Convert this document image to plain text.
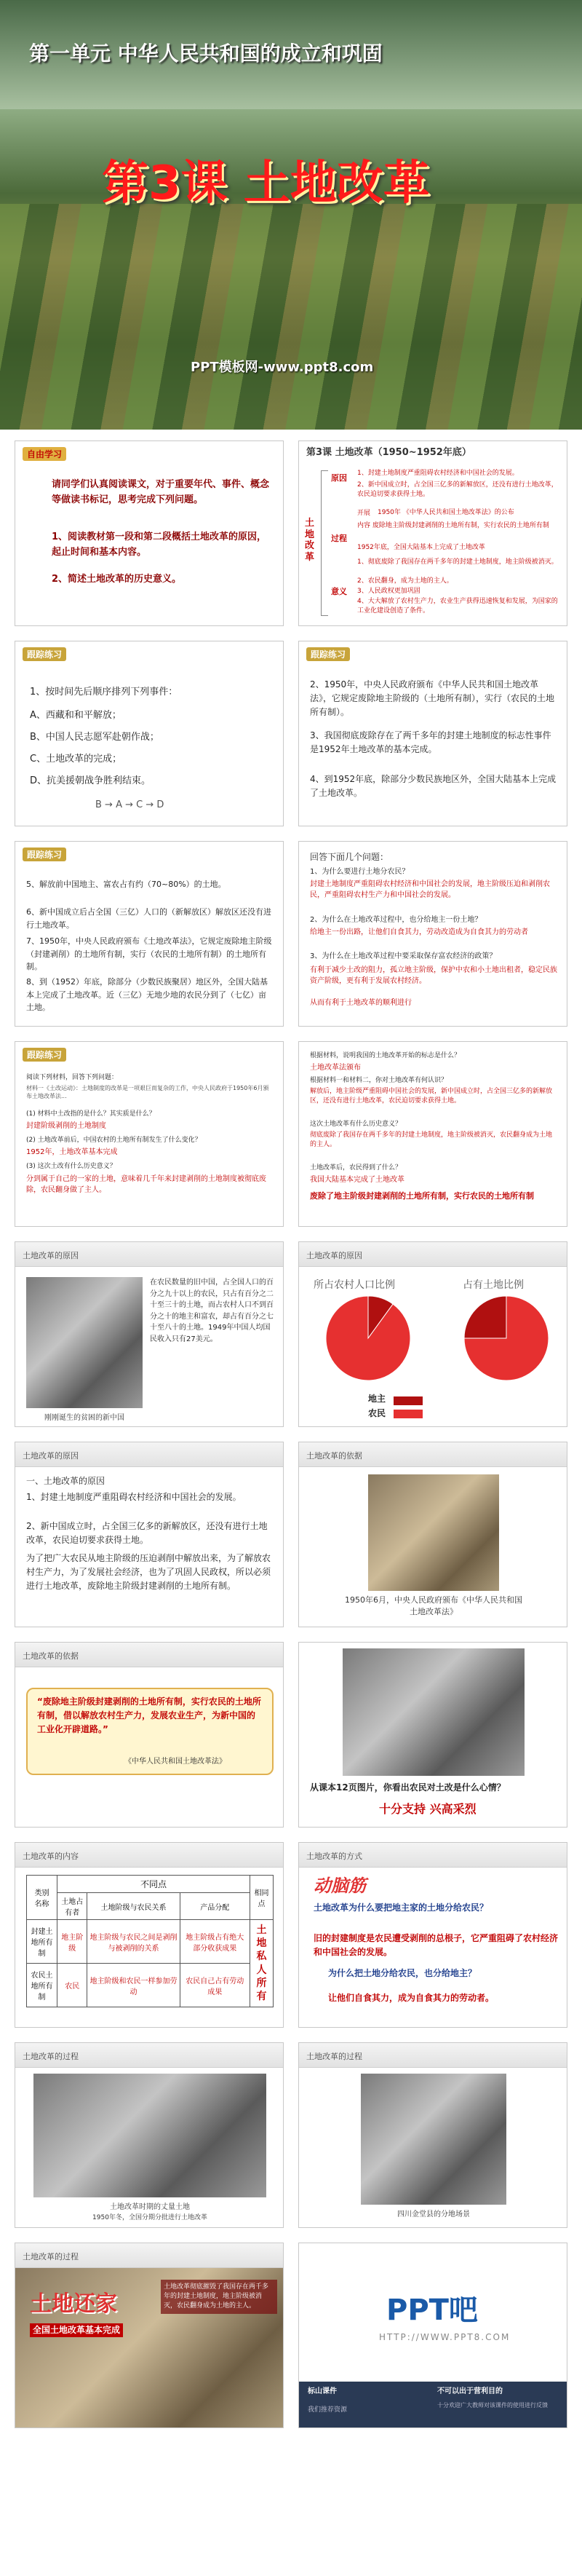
第一单元 中华人民共和国的成立和巩固
第3课 土地改革
PPT模板网-www.ppt8.com
自由学习
请同学们认真阅读课文，对于重要年代、事件、概念等做读书标记，思考完成下列问题。
1、阅读教材第一段和第二段概括土地改革的原因，起止时间和基本内容。
2、简述土地改革的历史意义。
第3课 土地改革（1950~1952年底）
土地改革
原因 1、封建土地制度严重阻碍农村经济和中国社会的发展。
2、新中国成立时，占全国三亿多的新解放区，还没有进行土地改革，农民迫切要求获得土地。
过程
开展 1950年 《中华人民共和国土地改革法》的公布
内容 废除地主阶级封建剥削的土地所有制，实行农民的土地所有制
1952年底，全国大陆基本上完成了土地改革
意义
1、彻底废除了我国存在两千多年的封建土地制度，地主阶级被消灭。
2、农民翻身，成为土地的主人。
3、人民政权更加巩固
4、大大解放了农村生产力，农业生产获得迅速恢复和发展，为国家的工业化建设创造了条件。
跟踪练习
1、按时间先后顺序排列下列事件：
A、西藏和和平解放；
B、中国人民志愿军赴朝作战；
C、土地改革的完成；
D、抗美援朝战争胜利结束。
B → A → C → D
跟踪练习
2、1950年，中央人民政府颁布《中华人民共和国土地改革法》，它规定废除地主阶级的（土地所有制），实行（农民的土地所有制）。
3、我国彻底废除存在了两千多年的封建土地制度的标志性事件是1952年土地改革的基本完成。
4、到1952年底，除部分少数民族地区外，全国大陆基本上完成了土地改革。
跟踪练习
5、解放前中国地主、富农占有约（70~80%）的土地。
6、新中国成立后占全国（三亿）人口的（新解放区）解放区还没有进行土地改革。
7、1950年，中央人民政府颁布《土地改革法》，它规定废除地主阶级（封建剥削）的土地所有制，实行（农民的土地所有制）的土地所有制。
8、到（1952）年底，除部分（少数民族聚居）地区外，全国大陆基本上完成了土地改革。近（三亿）无地少地的农民分到了（七亿）亩土地。
回答下面几个问题：
1、为什么要进行土地分农民？
封建土地制度严重阻碍农村经济和中国社会的发展，地主阶级压迫和剥削农民，严重阻碍农村生产力和中国社会的发展。
2、为什么在土地改革过程中，也分给地主一份土地？
给地主一份出路，让他们自食其力，劳动改造成为自食其力的劳动者
3、为什么在土地改革过程中要采取保存富农经济的政策？
有利于减少土改的阻力，孤立地主阶级，保护中农和小土地出租者，稳定民族资产阶级，更有利于发展农村经济。
从而有利于土地改革的顺利进行
跟踪练习
阅读下列材料，回答下列问题：
材料一《土改运动》：土地制度的改革是一项艰巨而复杂的工作，中央人民政府于1950年6月颁布土地改革法...
(1) 材料中土改指的是什么？其实质是什么？
封建阶级剥削的土地制度
(2) 土地改革前后，中国农村的土地所有制发生了什么变化？
1952年，土地改革基本完成
(3) 这次土改有什么历史意义？
分到属于自己的一家的土地，意味着几千年来封建剥削的土地制度被彻底废除，农民翻身做了主人。
根据材料，说明我国的土地改革开始的标志是什么？
土地改革法颁布
根据材料一和材料二，你对土地改革有何认识？
解放后，地主阶级严重阻碍中国社会的发展，新中国成立时，占全国三亿多的新解放区，还没有进行土地改革，农民迫切要求获得土地。
这次土地改革有什么历史意义？
彻底废除了我国存在两千多年的封建土地制度，地主阶级被消灭，农民翻身成为土地的主人。
土地改革后，农民得到了什么？
我国大陆基本完成了土地改革
废除了地主阶级封建剥削的土地所有制，实行农民的土地所有制
土地改革的原因
刚刚诞生的贫困的新中国
在农民数量的旧中国，占全国人口的百分之九十以上的农民，只占有百分之二十至三十的土地，而占农村人口不到百分之十的地主和富农，却占有百分之七十至八十的土地。1949年中国人均国民收入只有27美元。
土地改革的原因
所占农村人口比例	占有土地比例
地主
农民
土地改革的原因
一、土地改革的原因
1、封建土地制度严重阻碍农村经济和中国社会的发展。
2、新中国成立时，占全国三亿多的新解放区，还没有进行土地改革，农民迫切要求获得土地。
为了把广大农民从地主阶级的压迫剥削中解放出来，为了解放农村生产力，为了发展社会经济，也为了巩固人民政权，所以必须进行土地改革，废除地主阶级封建剥削的土地所有制。
土地改革的依据
1950年6月，中央人民政府颁布《中华人民共和国土地改革法》
土地改革的依据
“废除地主阶级封建剥削的土地所有制，实行农民的土地所有制，借以解放农村生产力，发展农业生产，为新中国的工业化开辟道路。”
《中华人民共和国土地改革法》
从课本12页图片，你看出农民对土改是什么心情？
十分支持 兴高采烈
土地改革的内容
类别
名称	不同点			相同点
	土地占有者	土地阶级与农民关系	产品分配	
封建土地所有制	地主阶级	地主阶级与农民之间是剥削与被剥削的关系	地主阶级占有绝大部分收获成果	土地私人所有
农民土地所有制	农民	地主阶级和农民一样参加劳动	农民自己占有劳动成果	
土地改革的方式
动脑筋
土地改革为什么要把地主家的土地分给农民？
旧的封建制度是农民遭受剥削的总根子，它严重阻碍了农村经济和中国社会的发展。
为什么把土地分给农民，也分给地主？
让他们自食其力，成为自食其力的劳动者。
土地改革的过程
土地改革时期的丈量土地
1950年冬，全国分期分批进行土地改革
土地改革的过程
四川金堂县的分地场景
土地改革的过程
土地还家
全国土地改革基本完成
土地改革彻底摧毁了我国存在两千多年的封建土地制度，地主阶级被消灭，农民翻身成为土地的主人。	PPT吧
HTTP://WWW.PPT8.COM
标山课件	不可以出于营利目的
我们推荐资源
十分欢迎广大教师对该课件的使用进行反馈
